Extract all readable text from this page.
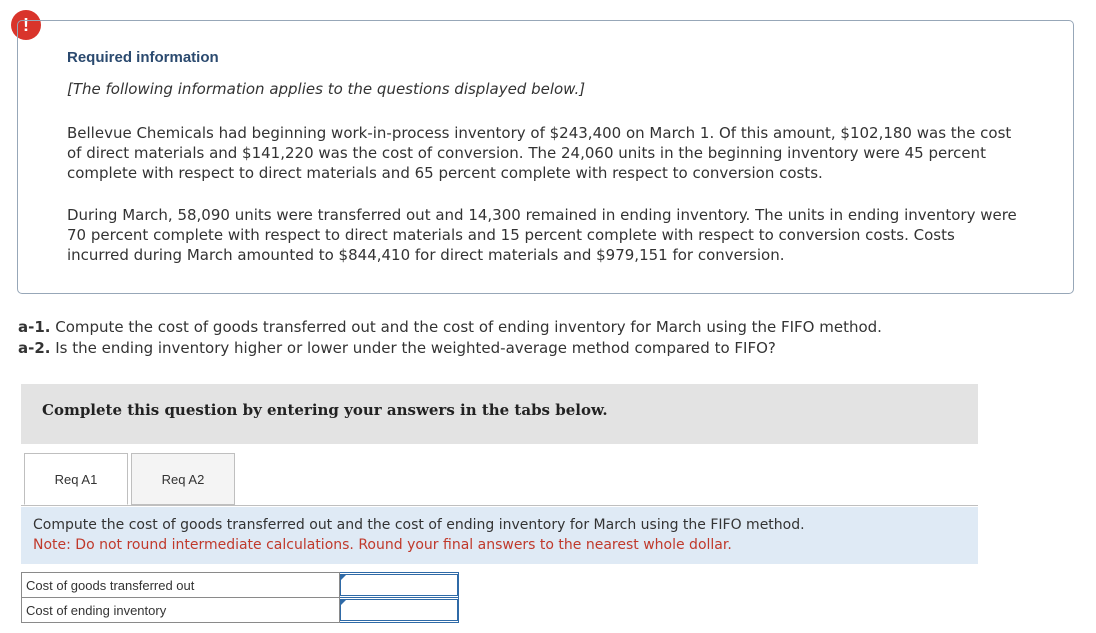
!
Required information
[The following information applies to the questions displayed below.]
Bellevue Chemicals had beginning work-in-process inventory of $243,400 on March 1. Of this amount, $102,180 was the cost of direct materials and $141,220 was the cost of conversion. The 24,060 units in the beginning inventory were 45 percent complete with respect to direct materials and 65 percent complete with respect to conversion costs.
During March, 58,090 units were transferred out and 14,300 remained in ending inventory. The units in ending inventory were 70 percent complete with respect to direct materials and 15 percent complete with respect to conversion costs. Costs incurred during March amounted to $844,410 for direct materials and $979,151 for conversion.
a-1. Compute the cost of goods transferred out and the cost of ending inventory for March using the FIFO method.
a-2. Is the ending inventory higher or lower under the weighted-average method compared to FIFO?
Complete this question by entering your answers in the tabs below.
Req A1	Req A2
Compute the cost of goods transferred out and the cost of ending inventory for March using the FIFO method.
Note: Do not round intermediate calculations. Round your final answers to the nearest whole dollar.
Cost of goods transferred out	

Cost of ending inventory	
